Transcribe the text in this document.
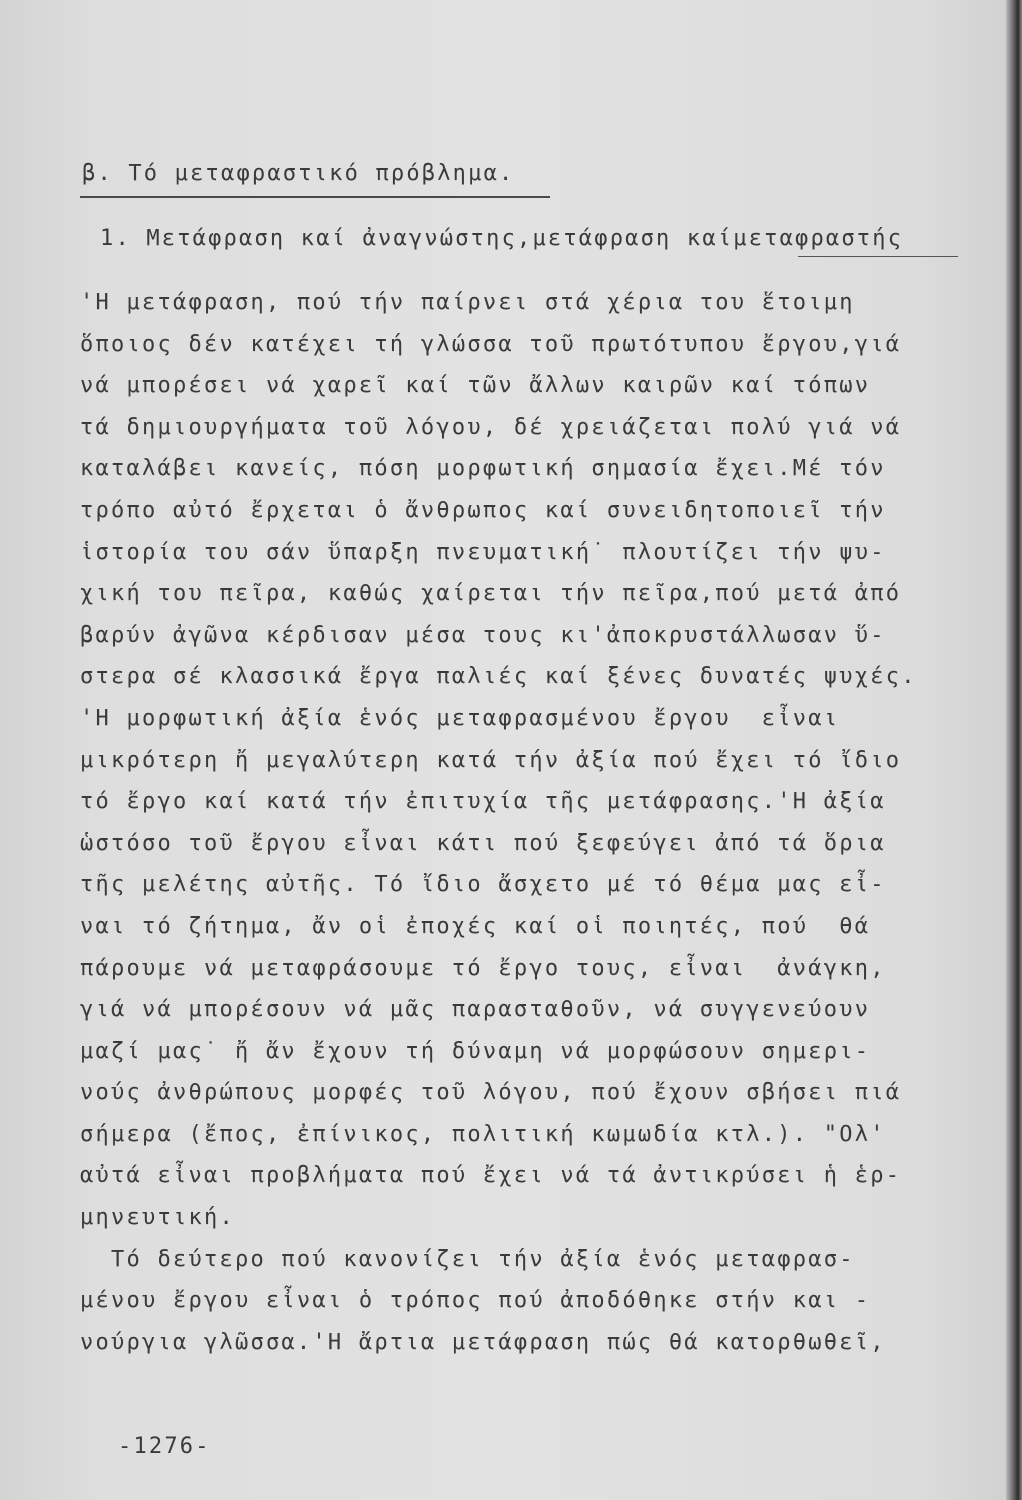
β. Τό μεταφραστικό πρόβλημα.
1. Μετάφραση καί ἀναγνώστης,μετάφραση καίμεταφραστής
'Η μετάφραση, πού τήν παίρνει στά χέρια του ἕτοιμη
ὅποιος δέν κατέχει τή γλώσσα τοῦ πρωτότυπου ἔργου,γιά
νά μπορέσει νά χαρεῖ καί τῶν ἄλλων καιρῶν καί τόπων
τά δημιουργήματα τοῦ λόγου, δέ χρειάζεται πολύ γιά νά
καταλάβει κανείς, πόση μορφωτική σημασία ἔχει.Μέ τόν
τρόπο αὐτό ἔρχεται ὁ ἄνθρωπος καί συνειδητοποιεῖ τήν
ἱστορία του σάν ὕπαρξη πνευματική˙ πλουτίζει τήν ψυ-
χική του πεῖρα, καθώς χαίρεται τήν πεῖρα,πού μετά ἀπό
βαρύν ἀγῶνα κέρδισαν μέσα τους κι'ἀποκρυστάλλωσαν ὕ-
στερα σέ κλασσικά ἔργα παλιές καί ξένες δυνατές ψυχές.
'Η μορφωτική ἀξία ἑνός μεταφρασμένου ἔργου  εἶναι
μικρότερη ἤ μεγαλύτερη κατά τήν ἀξία πού ἔχει τό ἴδιο
τό ἔργο καί κατά τήν ἐπιτυχία τῆς μετάφρασης.'Η ἀξία
ὡστόσο τοῦ ἔργου εἶναι κάτι πού ξεφεύγει ἀπό τά ὅρια
τῆς μελέτης αὐτῆς. Τό ἴδιο ἄσχετο μέ τό θέμα μας εἶ-
ναι τό ζήτημα, ἄν οἱ ἐποχές καί οἱ ποιητές, πού  θά
πάρουμε νά μεταφράσουμε τό ἔργο τους, εἶναι  ἀνάγκη,
γιά νά μπορέσουν νά μᾶς παρασταθοῦν, νά συγγενεύουν
μαζί μας˙ ἤ ἄν ἔχουν τή δύναμη νά μορφώσουν σημερι-
νούς ἀνθρώπους μορφές τοῦ λόγου, πού ἔχουν σβήσει πιά
σήμερα (ἔπος, ἐπίνικος, πολιτική κωμωδία κτλ.). "Ολ'
αὐτά εἶναι προβλήματα πού ἔχει νά τά ἀντικρύσει ἡ ἑρ-
μηνευτική.
Τό δεύτερο πού κανονίζει τήν ἀξία ἑνός μεταφρασ-
μένου ἔργου εἶναι ὁ τρόπος πού ἀποδόθηκε στήν και -
νούργια γλῶσσα.'Η ἄρτια μετάφραση πώς θά κατορθωθεῖ,
-1276-
